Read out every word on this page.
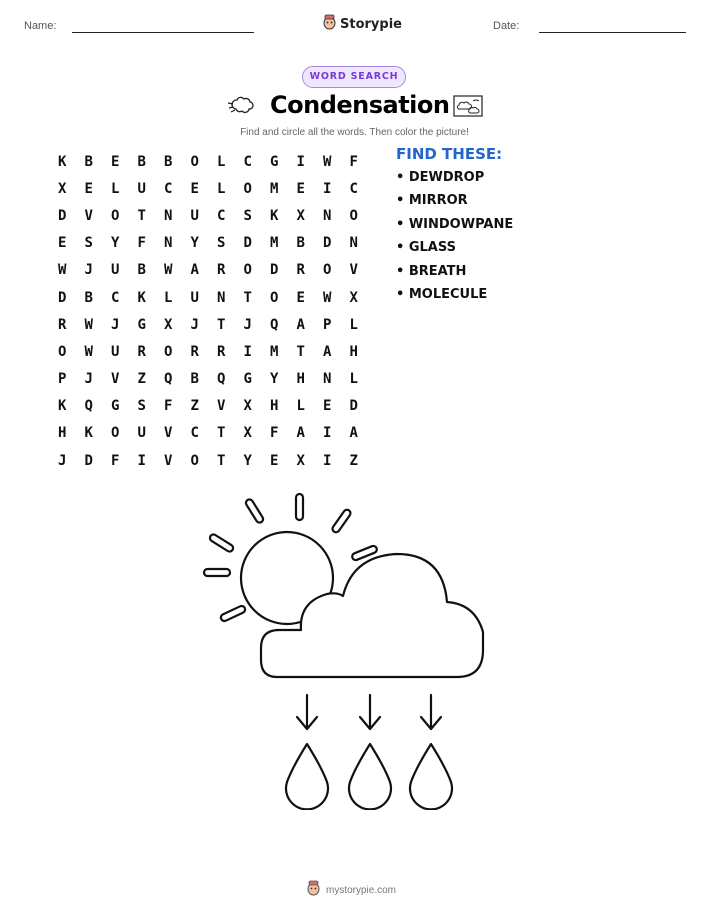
Name:	Storypie	Date:
WORD SEARCH
Condensation
Find and circle all the words. Then color the picture!
K	B	E	B	B	O	L	C	G	I	W	F
X	E	L	U	C	E	L	O	M	E	I	C
D	V	O	T	N	U	C	S	K	X	N	O
E	S	Y	F	N	Y	S	D	M	B	D	N
W	J	U	B	W	A	R	O	D	R	O	V
D	B	C	K	L	U	N	T	O	E	W	X
R	W	J	G	X	J	T	J	Q	A	P	L
O	W	U	R	O	R	R	I	M	T	A	H
P	J	V	Z	Q	B	Q	G	Y	H	N	L
K	Q	G	S	F	Z	V	X	H	L	E	D
H	K	O	U	V	C	T	X	F	A	I	A
J	D	F	I	V	O	T	Y	E	X	I	Z
FIND THESE:
• DEWDROP
• MIRROR
• WINDOWPANE
• GLASS
• BREATH
• MOLECULE
mystorypie.com
